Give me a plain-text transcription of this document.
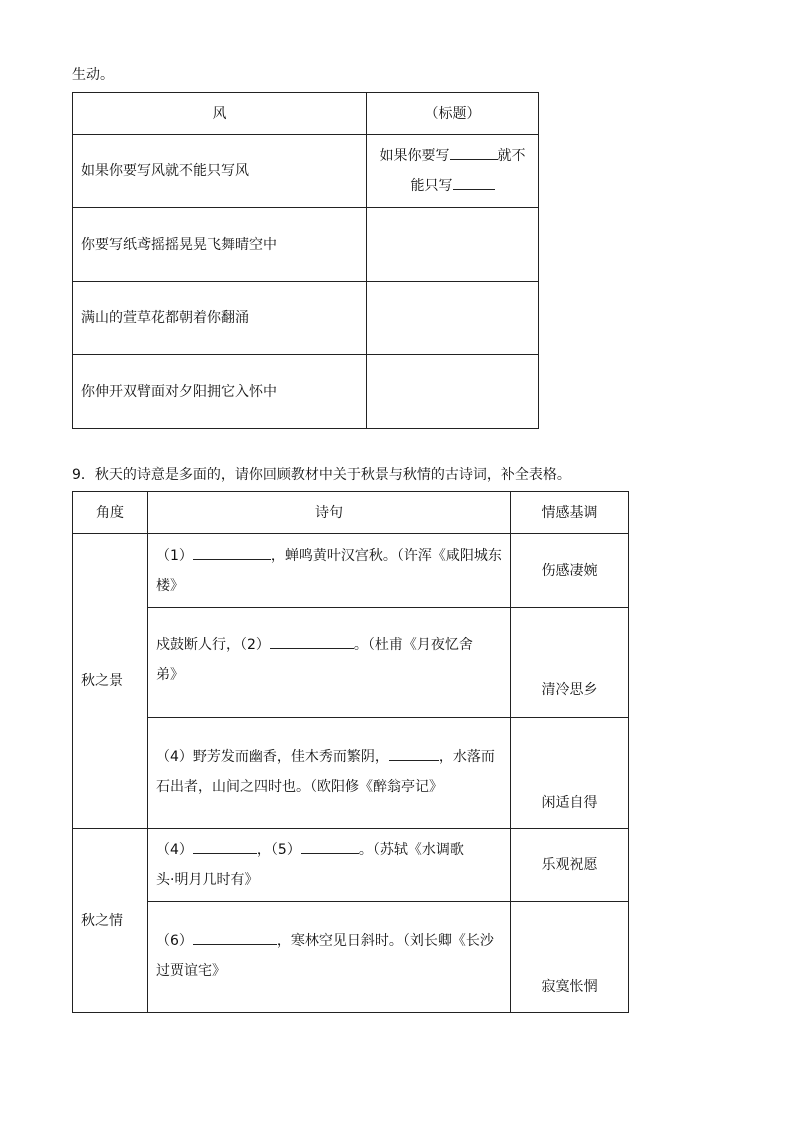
生动。
风	（标题）
如果你要写风就不能只写风	如果你要写 就不
能只写
你要写纸鸢摇摇晃晃飞舞晴空中	
满山的萱草花都朝着你翻涌	
你伸开双臂面对夕阳拥它入怀中	
9．秋天的诗意是多面的，请你回顾教材中关于秋景与秋情的古诗词，补全表格。
角度	诗句	情感基调
秋之景	（1） ，蝉鸣黄叶汉宫秋。（许浑《咸阳城东
楼》	伤感凄婉
	戍鼓断人行，（2） 。（杜甫《月夜忆舍
弟》	清冷思乡
	（4）野芳发而幽香，佳木秀而繁阴， ，水落而
石出者，山间之四时也。（欧阳修《醉翁亭记》	闲适自得
秋之情	（4） ，（5） 。（苏轼《水调歌
头·明月几时有》	乐观祝愿
	（6） ，寒林空见日斜时。（刘长卿《长沙
过贾谊宅》	寂寞怅惘
